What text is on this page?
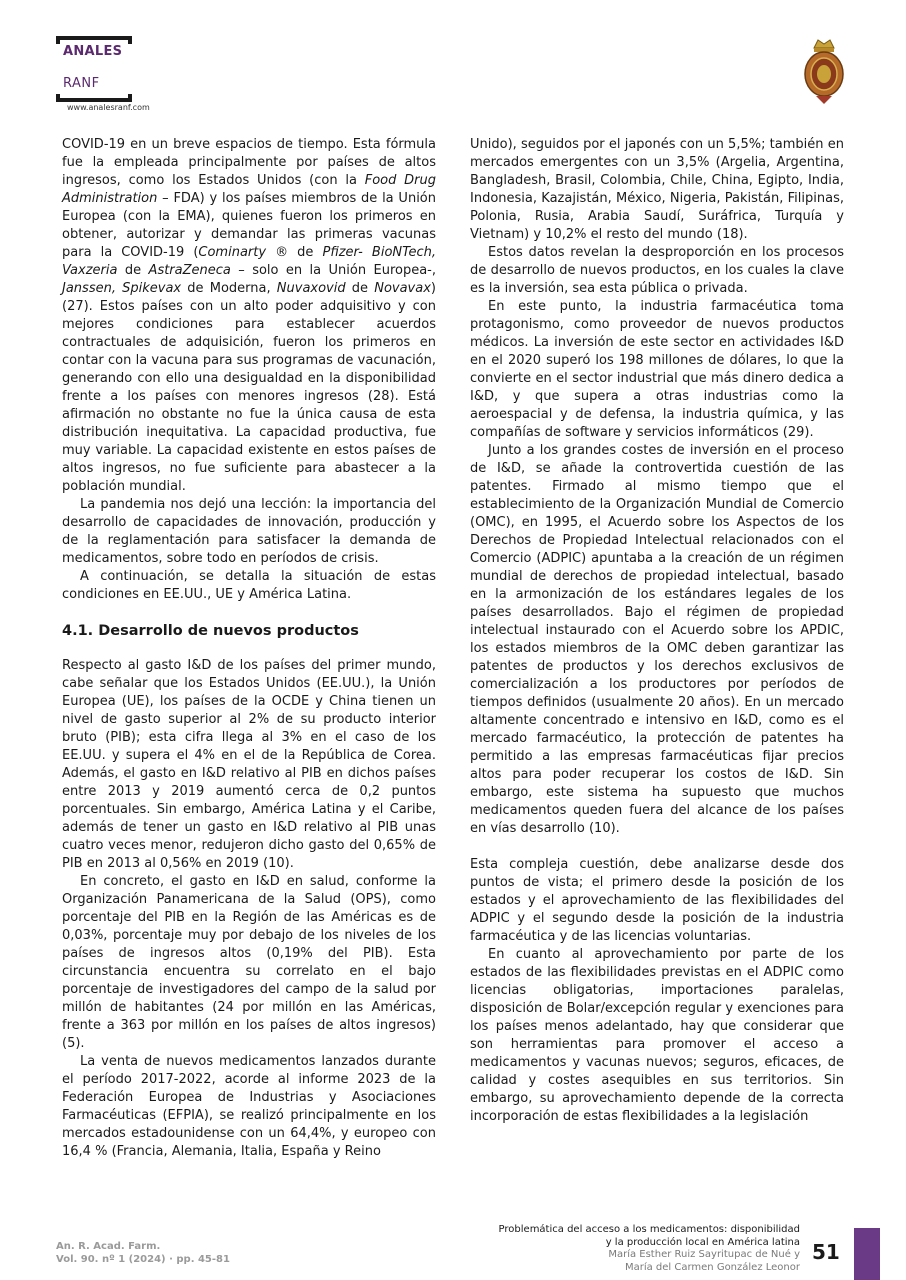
ANALES
RANF
www.analesranf.com

COVID-19 en un breve espacios de tiempo. Esta fórmula fue la empleada principalmente por países de altos ingresos, como los Estados Unidos (con la Food Drug Administration – FDA) y los países miembros de la Unión Europea (con la EMA), quienes fueron los primeros en obtener, autorizar y demandar las primeras vacunas para la COVID-19 (Cominarty ® de Pfizer- BioNTech, Vaxzeria de AstraZeneca – solo en la Unión Europea-, Janssen, Spikevax de Moderna, Nuvaxovid de Novavax) (27). Estos países con un alto poder adquisitivo y con mejores condiciones para establecer acuerdos contractuales de adquisición, fueron los primeros en contar con la vacuna para sus programas de vacunación, generando con ello una desigualdad en la disponibilidad frente a los países con menores ingresos (28). Está afirmación no obstante no fue la única causa de esta distribución inequitativa. La capacidad productiva, fue muy variable. La capacidad existente en estos países de altos ingresos, no fue suficiente para abastecer a la población mundial.

La pandemia nos dejó una lección: la importancia del desarrollo de capacidades de innovación, producción y de la reglamentación para satisfacer la demanda de medicamentos, sobre todo en períodos de crisis.

A continuación, se detalla la situación de estas condiciones en EE.UU., UE y América Latina.

4.1. Desarrollo de nuevos productos

Respecto al gasto I&D de los países del primer mundo, cabe señalar que los Estados Unidos (EE.UU.), la Unión Europea (UE), los países de la OCDE y China tienen un nivel de gasto superior al 2% de su producto interior bruto (PIB); esta cifra llega al 3% en el caso de los EE.UU. y supera el 4% en el de la República de Corea. Además, el gasto en I&D relativo al PIB en dichos países entre 2013 y 2019 aumentó cerca de 0,2 puntos porcentuales. Sin embargo, América Latina y el Caribe, además de tener un gasto en I&D relativo al PIB unas cuatro veces menor, redujeron dicho gasto del 0,65% de PIB en 2013 al 0,56% en 2019 (10).

En concreto, el gasto en I&D en salud, conforme la Organización Panamericana de la Salud (OPS), como porcentaje del PIB en la Región de las Américas es de 0,03%, porcentaje muy por debajo de los niveles de los países de ingresos altos (0,19% del PIB). Esta circunstancia encuentra su correlato en el bajo porcentaje de investigadores del campo de la salud por millón de habitantes (24 por millón en las Américas, frente a 363 por millón en los países de altos ingresos) (5).

La venta de nuevos medicamentos lanzados durante el período 2017-2022, acorde al informe 2023 de la Federación Europea de Industrias y Asociaciones Farmacéuticas (EFPIA), se realizó principalmente en los mercados estadounidense con un 64,4%, y europeo con 16,4 % (Francia, Alemania, Italia, España y Reino

Unido), seguidos por el japonés con un 5,5%; también en mercados emergentes con un 3,5% (Argelia, Argentina, Bangladesh, Brasil, Colombia, Chile, China, Egipto, India, Indonesia, Kazajistán, México, Nigeria, Pakistán, Filipinas, Polonia, Rusia, Arabia Saudí, Suráfrica, Turquía y Vietnam) y 10,2% el resto del mundo (18).

Estos datos revelan la desproporción en los procesos de desarrollo de nuevos productos, en los cuales la clave es la inversión, sea esta pública o privada.

En este punto, la industria farmacéutica toma protagonismo, como proveedor de nuevos productos médicos. La inversión de este sector en actividades I&D en el 2020 superó los 198 millones de dólares, lo que la convierte en el sector industrial que más dinero dedica a I&D, y que supera a otras industrias como la aeroespacial y de defensa, la industria química, y las compañías de software y servicios informáticos (29).

Junto a los grandes costes de inversión en el proceso de I&D, se añade la controvertida cuestión de las patentes. Firmado al mismo tiempo que el establecimiento de la Organización Mundial de Comercio (OMC), en 1995, el Acuerdo sobre los Aspectos de los Derechos de Propiedad Intelectual relacionados con el Comercio (ADPIC) apuntaba a la creación de un régimen mundial de derechos de propiedad intelectual, basado en la armonización de los estándares legales de los países desarrollados. Bajo el régimen de propiedad intelectual instaurado con el Acuerdo sobre los APDIC, los estados miembros de la OMC deben garantizar las patentes de productos y los derechos exclusivos de comercialización a los productores por períodos de tiempos definidos (usualmente 20 años). En un mercado altamente concentrado e intensivo en I&D, como es el mercado farmacéutico, la protección de patentes ha permitido a las empresas farmacéuticas fijar precios altos para poder recuperar los costos de I&D. Sin embargo, este sistema ha supuesto que muchos medicamentos queden fuera del alcance de los países en vías desarrollo (10).

Esta compleja cuestión, debe analizarse desde dos puntos de vista; el primero desde la posición de los estados y el aprovechamiento de las flexibilidades del ADPIC y el segundo desde la posición de la industria farmacéutica y de las licencias voluntarias.

En cuanto al aprovechamiento por parte de los estados de las flexibilidades previstas en el ADPIC como licencias obligatorias, importaciones paralelas, disposición de Bolar/excepción regular y exenciones para los países menos adelantado, hay que considerar que son herramientas para promover el acceso a medicamentos y vacunas nuevos; seguros, eficaces, de calidad y costes asequibles en sus territorios. Sin embargo, su aprovechamiento depende de la correcta incorporación de estas flexibilidades a la legislación

An. R. Acad. Farm.
Vol. 90. nº 1 (2024) · pp. 45-81
Problemática del acceso a los medicamentos: disponibilidad
y la producción local en América latina
María Esther Ruiz Sayritupac de Nué y
María del Carmen González Leonor
51
